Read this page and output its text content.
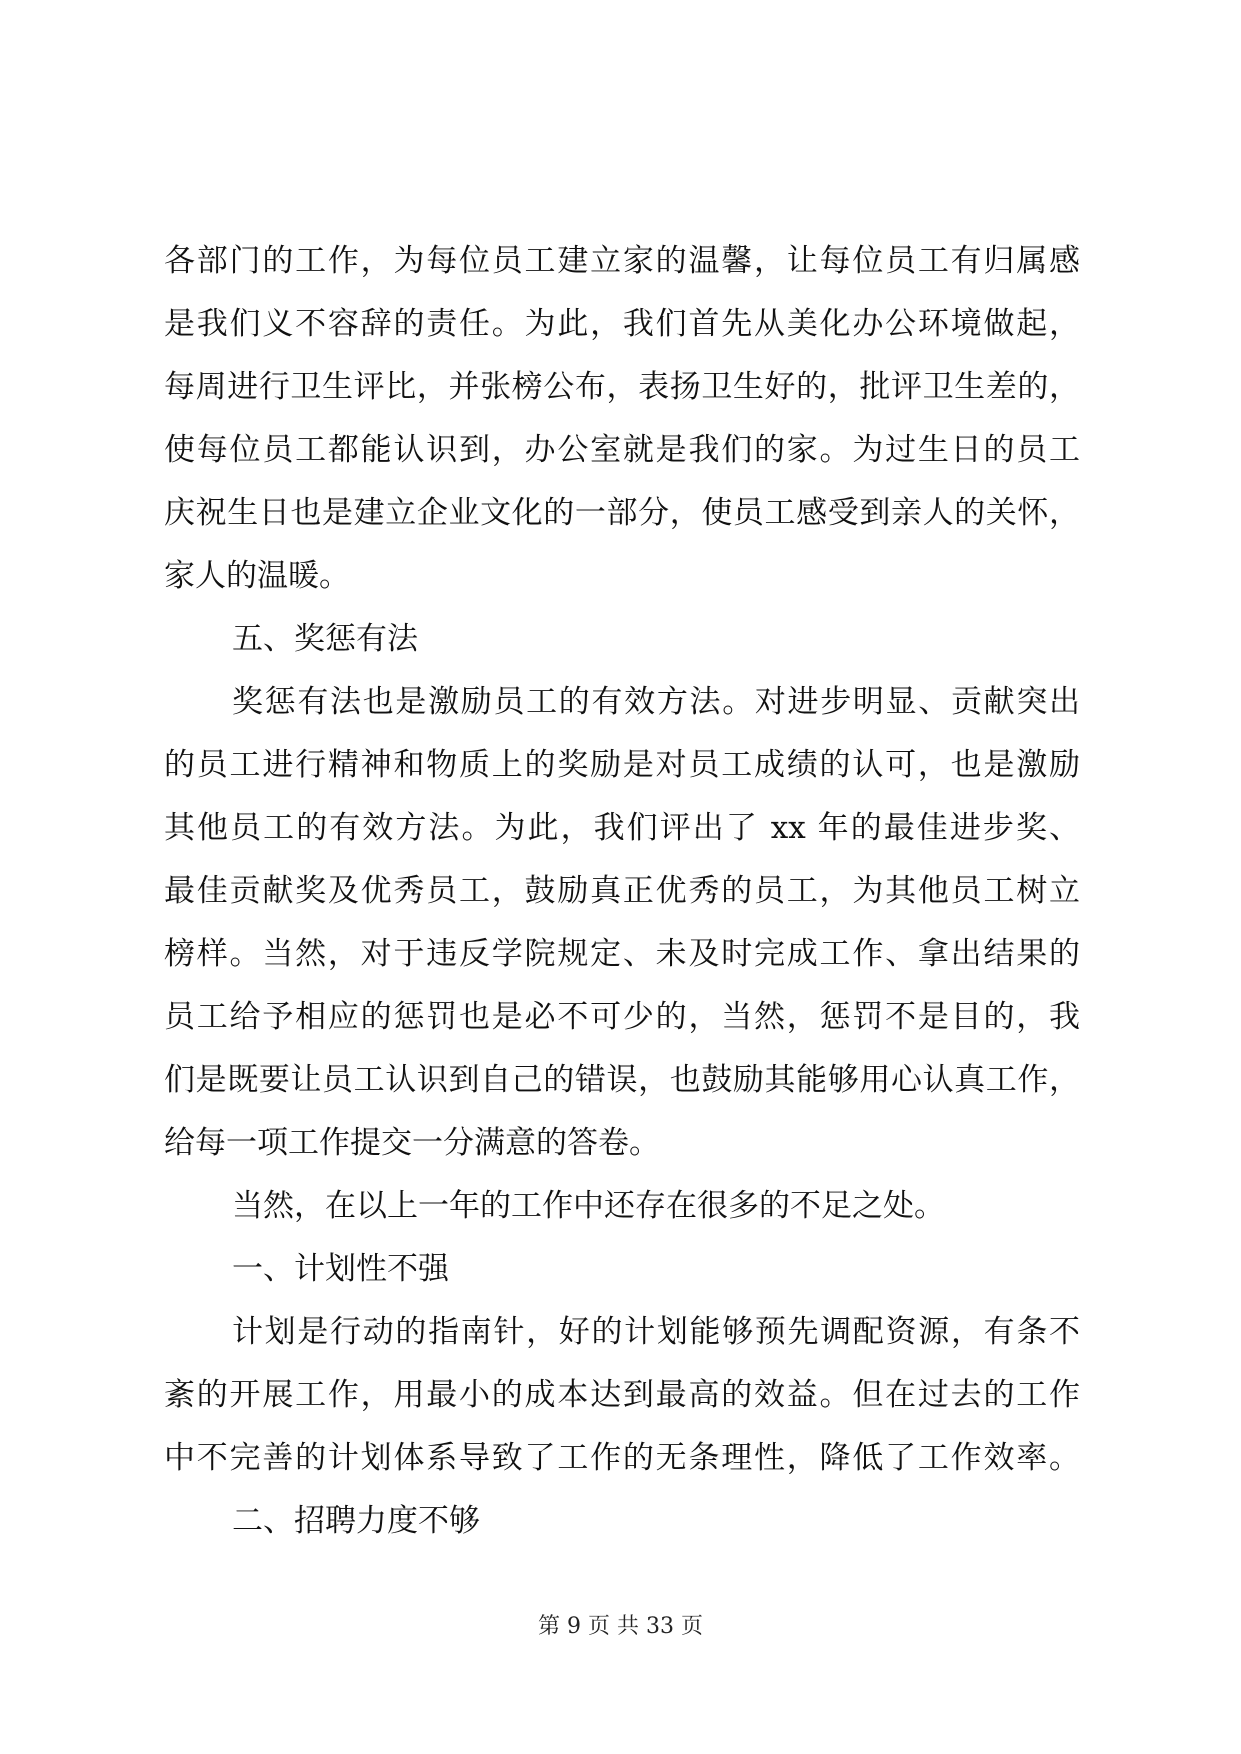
各部门的工作，为每位员工建立家的温馨，让每位员工有归属感
是我们义不容辞的责任。为此，我们首先从美化办公环境做起，
每周进行卫生评比，并张榜公布，表扬卫生好的，批评卫生差的，
使每位员工都能认识到，办公室就是我们的家。为过生日的员工
庆祝生日也是建立企业文化的一部分，使员工感受到亲人的关怀，
家人的温暖。
五、奖惩有法
奖惩有法也是激励员工的有效方法。对进步明显、贡献突出
的员工进行精神和物质上的奖励是对员工成绩的认可，也是激励
其他员工的有效方法。为此，我们评出了 xx 年的最佳进步奖、
最佳贡献奖及优秀员工，鼓励真正优秀的员工，为其他员工树立
榜样。当然，对于违反学院规定、未及时完成工作、拿出结果的
员工给予相应的惩罚也是必不可少的，当然，惩罚不是目的，我
们是既要让员工认识到自己的错误，也鼓励其能够用心认真工作，
给每一项工作提交一分满意的答卷。
当然，在以上一年的工作中还存在很多的不足之处。
一、计划性不强
计划是行动的指南针，好的计划能够预先调配资源，有条不
紊的开展工作，用最小的成本达到最高的效益。但在过去的工作
中不完善的计划体系导致了工作的无条理性，降低了工作效率。
二、招聘力度不够
第 9 页 共 33 页
